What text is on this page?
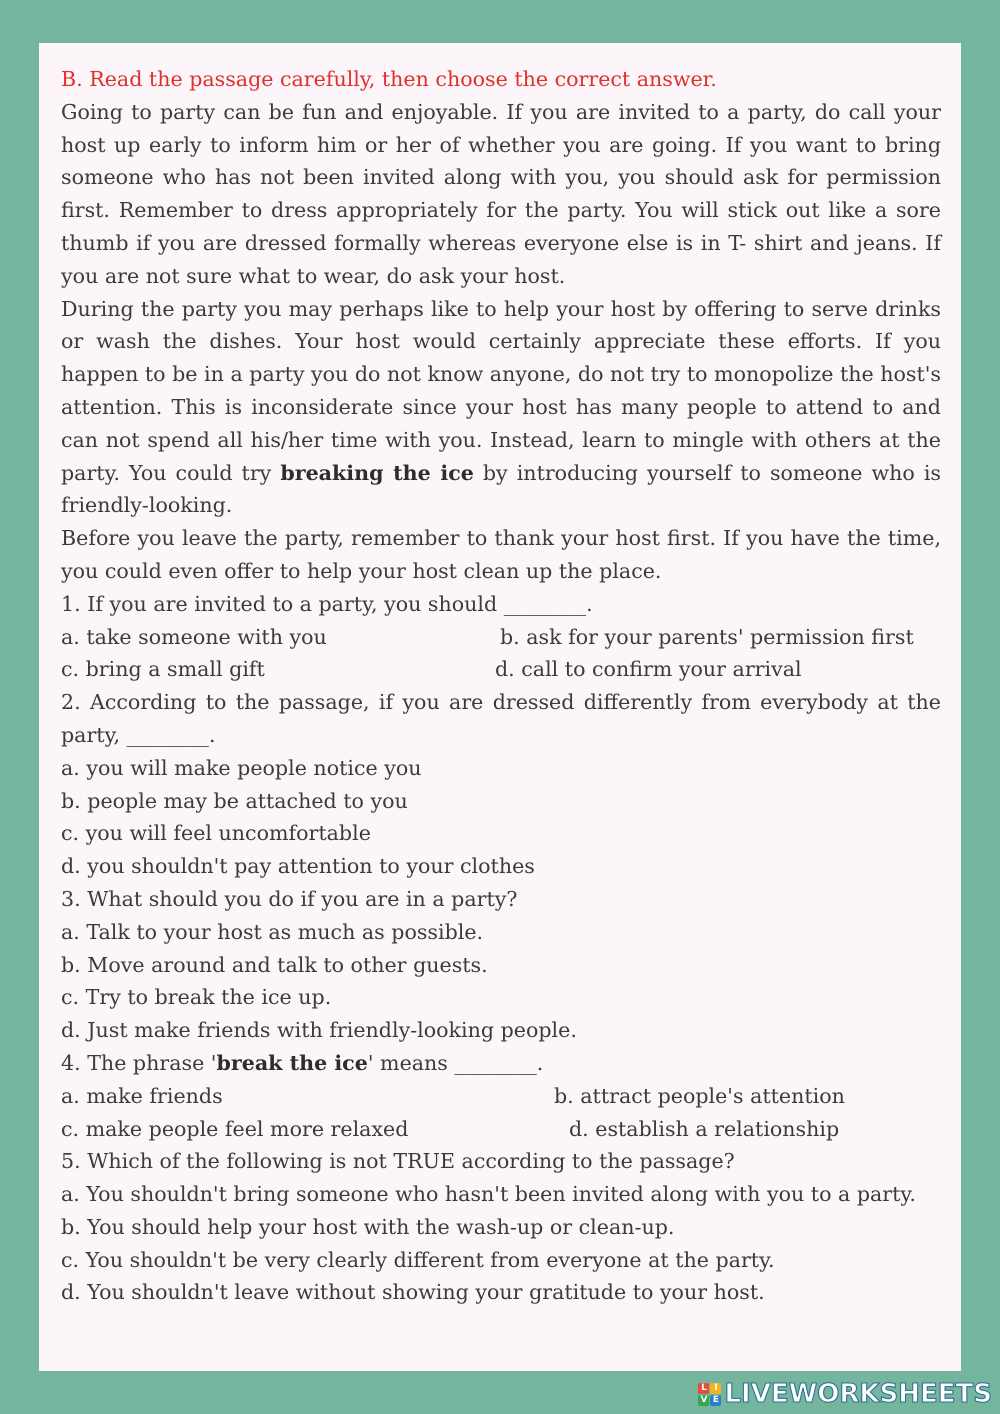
B. Read the passage carefully, then choose the correct answer.

Going to party can be fun and enjoyable. If you are invited to a party, do call your host up early to inform him or her of whether you are going. If you want to bring someone who has not been invited along with you, you should ask for permission first. Remember to dress appropriately for the party. You will stick out like a sore thumb if you are dressed formally whereas everyone else is in T- shirt and jeans. If you are not sure what to wear, do ask your host.

During the party you may perhaps like to help your host by offering to serve drinks or wash the dishes. Your host would certainly appreciate these efforts. If you happen to be in a party you do not know anyone, do not try to monopolize the host's attention. This is inconsiderate since your host has many people to attend to and can not spend all his/her time with you. Instead, learn to mingle with others at the party. You could try breaking the ice by introducing yourself to someone who is friendly-looking.

Before you leave the party, remember to thank your host first. If you have the time, you could even offer to help your host clean up the place.

1. If you are invited to a party, you should ________.

a. take someone with you	b. ask for your parents' permission first
c. bring a small gift	d. call to confirm your arrival

2. According to the passage, if you are dressed differently from everybody at the party, ________.

a. you will make people notice you

b. people may be attached to you

c. you will feel uncomfortable

d. you shouldn't pay attention to your clothes

3. What should you do if you are in a party?

a. Talk to your host as much as possible.

b. Move around and talk to other guests.

c. Try to break the ice up.

d. Just make friends with friendly-looking people.

4. The phrase 'break the ice' means ________.

a. make friends	b. attract people's attention
c. make people feel more relaxed	d. establish a relationship

5. Which of the following is not TRUE according to the passage?

a. You shouldn't bring someone who hasn't been invited along with you to a party.

b. You should help your host with the wash-up or clean-up.

c. You shouldn't be very clearly different from everyone at the party.

d. You shouldn't leave without showing your gratitude to your host.

L I
V E LIVEWORKSHEETS
